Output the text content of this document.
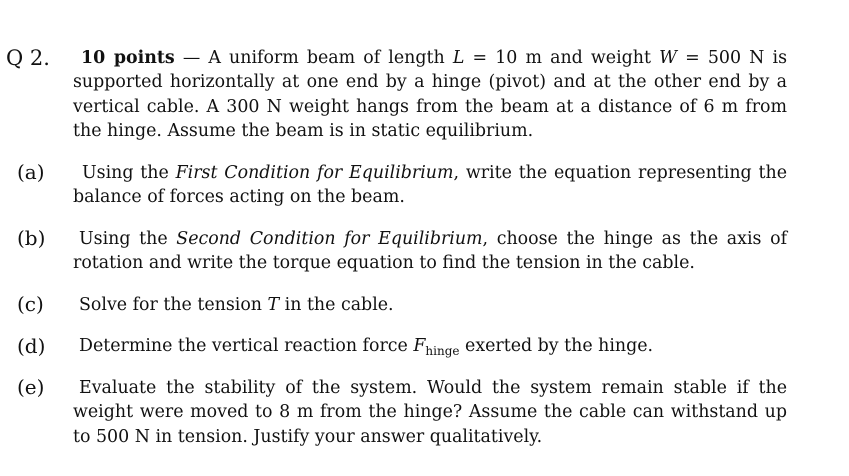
Q 2.	10 points — A uniform beam of length L = 10 m and weight W = 500 N is supported horizontally at one end by a hinge (pivot) and at the other end by a vertical cable. A 300 N weight hangs from the beam at a distance of 6 m from the hinge. Assume the beam is in static equilibrium.
(a)	Using the First Condition for Equilibrium, write the equation representing the balance of forces acting on the beam.
(b)	Using the Second Condition for Equilibrium, choose the hinge as the axis of rotation and write the torque equation to find the tension in the cable.
(c)	Solve for the tension T in the cable.
(d)	Determine the vertical reaction force $F_{hinge}$ exerted by the hinge.
(e)	Evaluate the stability of the system. Would the system remain stable if the weight were moved to 8 m from the hinge? Assume the cable can withstand up to 500 N in tension. Justify your answer qualitatively.
